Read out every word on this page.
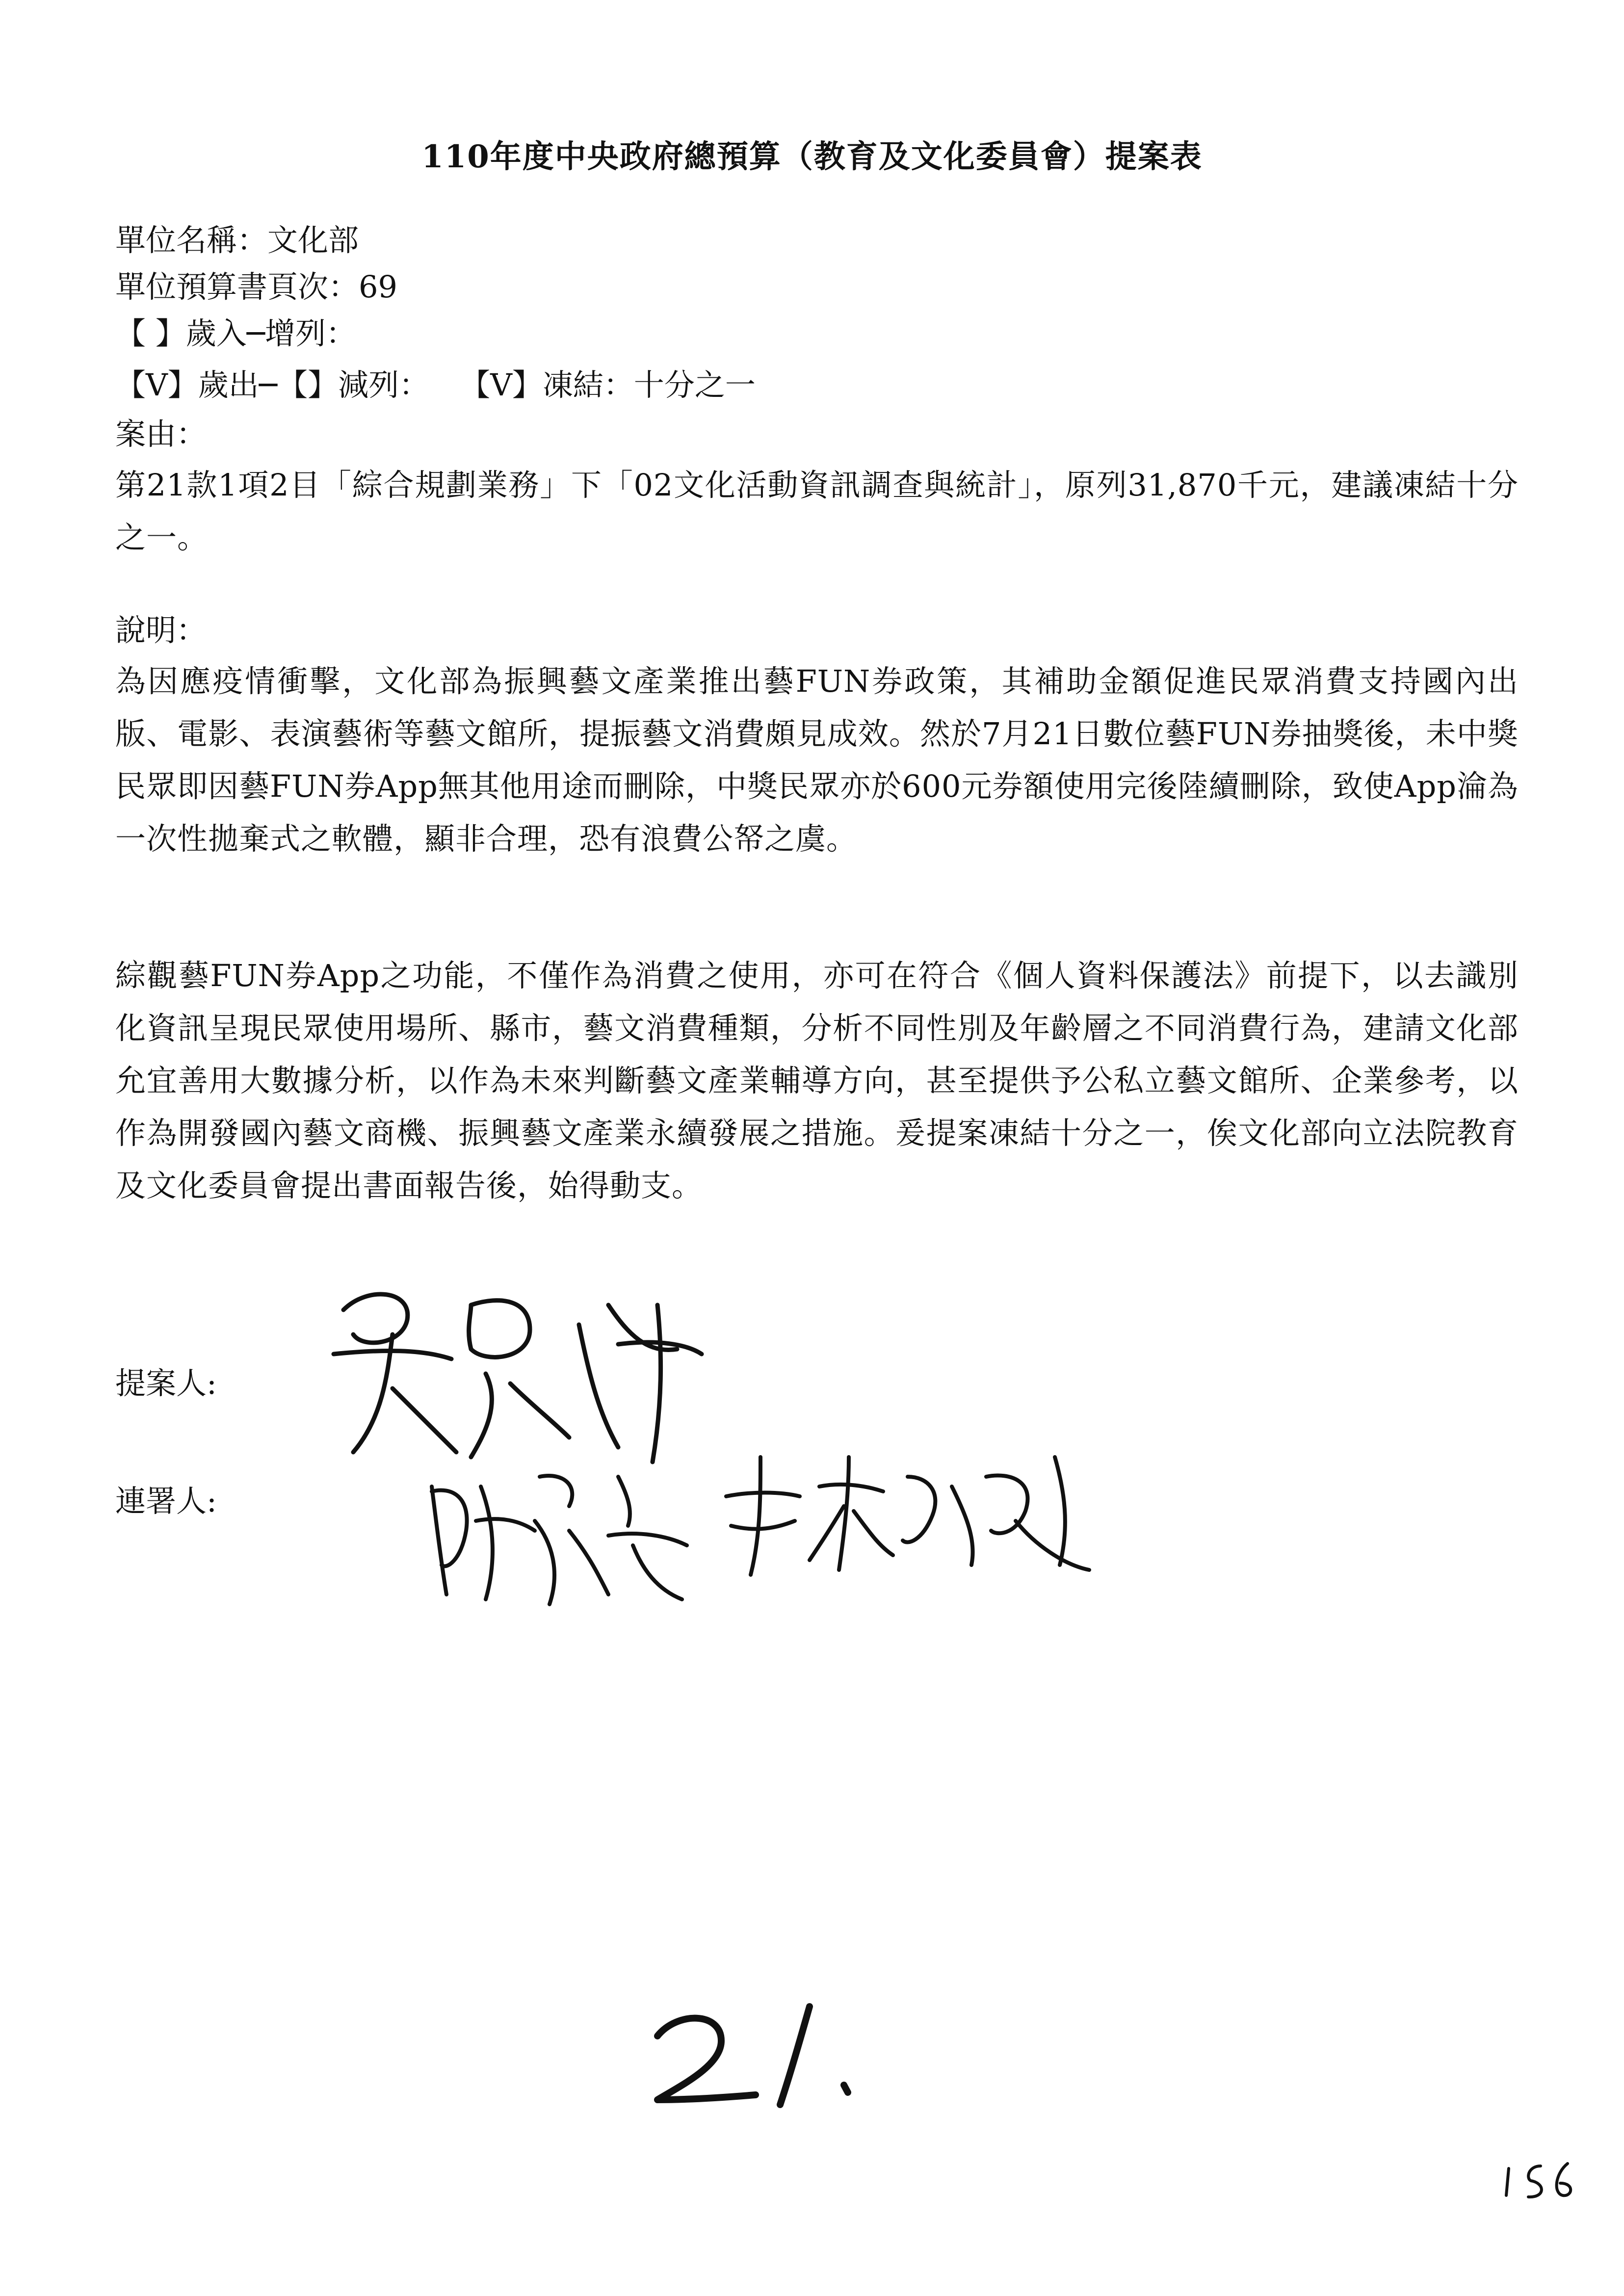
110年度中央政府總預算（教育及文化委員會）提案表
單位名稱：文化部
單位預算書頁次：69
【 】歲入─增列：
【V】歲出─【】減列：　　【V】凍結：十分之一
案由：
第21款1項2目「綜合規劃業務」下「02文化活動資訊調查與統計」，原列31,870千元，建議凍結十分之一。
說明：
為因應疫情衝擊，文化部為振興藝文產業推出藝FUN券政策，其補助金額促進民眾消費支持國內出版、電影、表演藝術等藝文館所，提振藝文消費頗見成效。然於7月21日數位藝FUN券抽獎後，未中獎民眾即因藝FUN券App無其他用途而刪除，中獎民眾亦於600元券額使用完後陸續刪除，致使App淪為一次性拋棄式之軟體，顯非合理，恐有浪費公帑之虞。
綜觀藝FUN券App之功能，不僅作為消費之使用，亦可在符合《個人資料保護法》前提下，以去識別化資訊呈現民眾使用場所、縣市，藝文消費種類，分析不同性別及年齡層之不同消費行為，建請文化部允宜善用大數據分析，以作為未來判斷藝文產業輔導方向，甚至提供予公私立藝文館所、企業參考，以作為開發國內藝文商機、振興藝文產業永續發展之措施。爰提案凍結十分之一，俟文化部向立法院教育及文化委員會提出書面報告後，始得動支。
提案人:
連署人:
